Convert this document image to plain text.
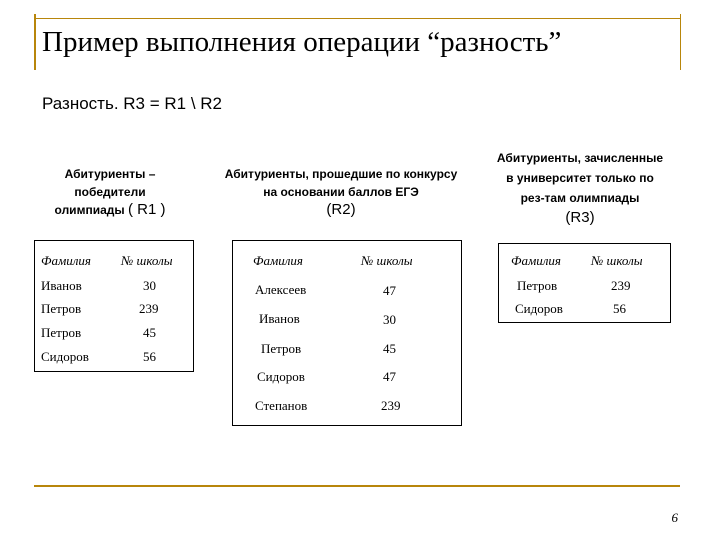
Пример выполнения операции “разность”
Разность. R3 = R1 \ R2
Абитуриенты – победители олимпиады ( R1 )
Фамилия № школы
Иванов	30
Петров	239
Петров	45
Сидоров	56
Абитуриенты, прошедшие по конкурсу на основании баллов ЕГЭ
(R2)
Фамилия	№ школы
Алексеев	47
Иванов	30
Петров	45
Сидоров	47
Степанов	239
Абитуриенты, зачисленные в университет только по рез-там олимпиады
(R3)
Фамилия № школы
Петров	239
Сидоров	56
6
